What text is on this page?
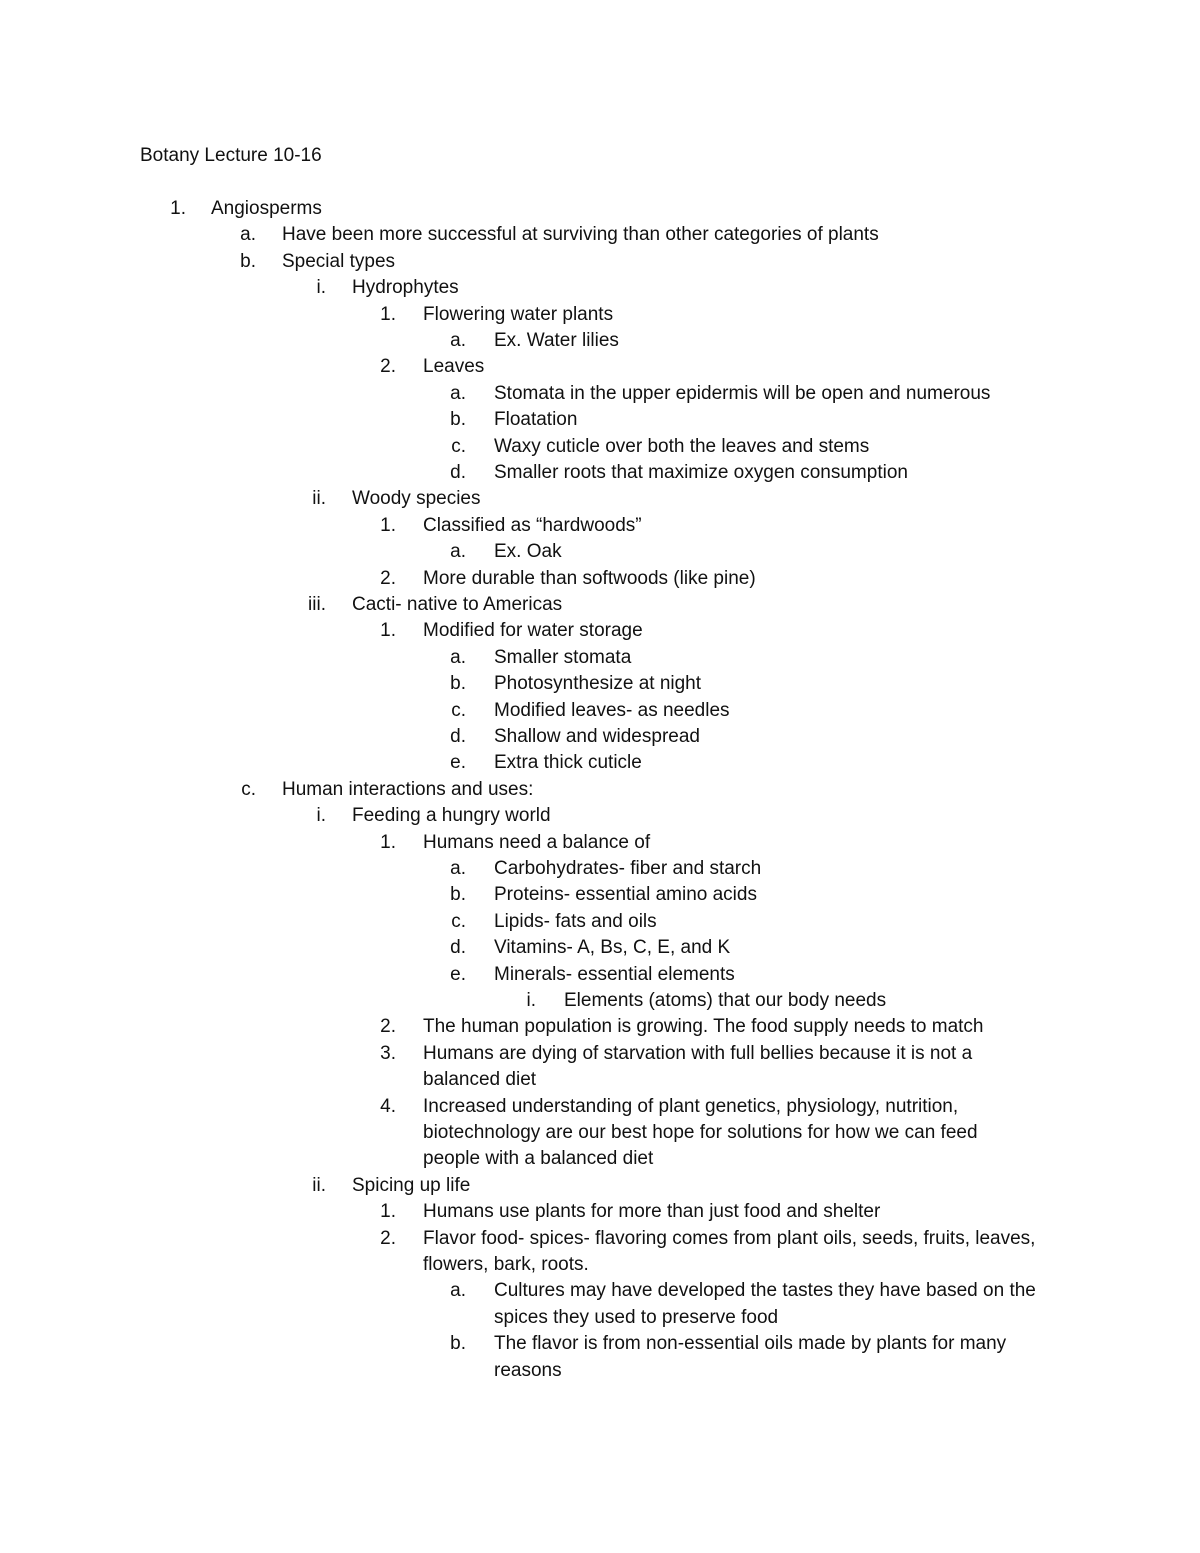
Botany Lecture 10-16
1. Angiosperms
a. Have been more successful at surviving than other categories of plants
b. Special types
i. Hydrophytes
1. Flowering water plants
a. Ex. Water lilies
2. Leaves
a. Stomata in the upper epidermis will be open and numerous
b. Floatation
c. Waxy cuticle over both the leaves and stems
d. Smaller roots that maximize oxygen consumption
ii. Woody species
1. Classified as “hardwoods”
a. Ex. Oak
2. More durable than softwoods (like pine)
iii. Cacti- native to Americas
1. Modified for water storage
a. Smaller stomata
b. Photosynthesize at night
c. Modified leaves- as needles
d. Shallow and widespread
e. Extra thick cuticle
c. Human interactions and uses:
i. Feeding a hungry world
1. Humans need a balance of
a. Carbohydrates- fiber and starch
b. Proteins- essential amino acids
c. Lipids- fats and oils
d. Vitamins- A, Bs, C, E, and K
e. Minerals- essential elements
i. Elements (atoms) that our body needs
2. The human population is growing. The food supply needs to match
3. Humans are dying of starvation with full bellies because it is not a
balanced diet
4. Increased understanding of plant genetics, physiology, nutrition,
biotechnology are our best hope for solutions for how we can feed
people with a balanced diet
ii. Spicing up life
1. Humans use plants for more than just food and shelter
2. Flavor food- spices- flavoring comes from plant oils, seeds, fruits, leaves,
flowers, bark, roots.
a. Cultures may have developed the tastes they have based on the
spices they used to preserve food
b. The flavor is from non-essential oils made by plants for many
reasons
